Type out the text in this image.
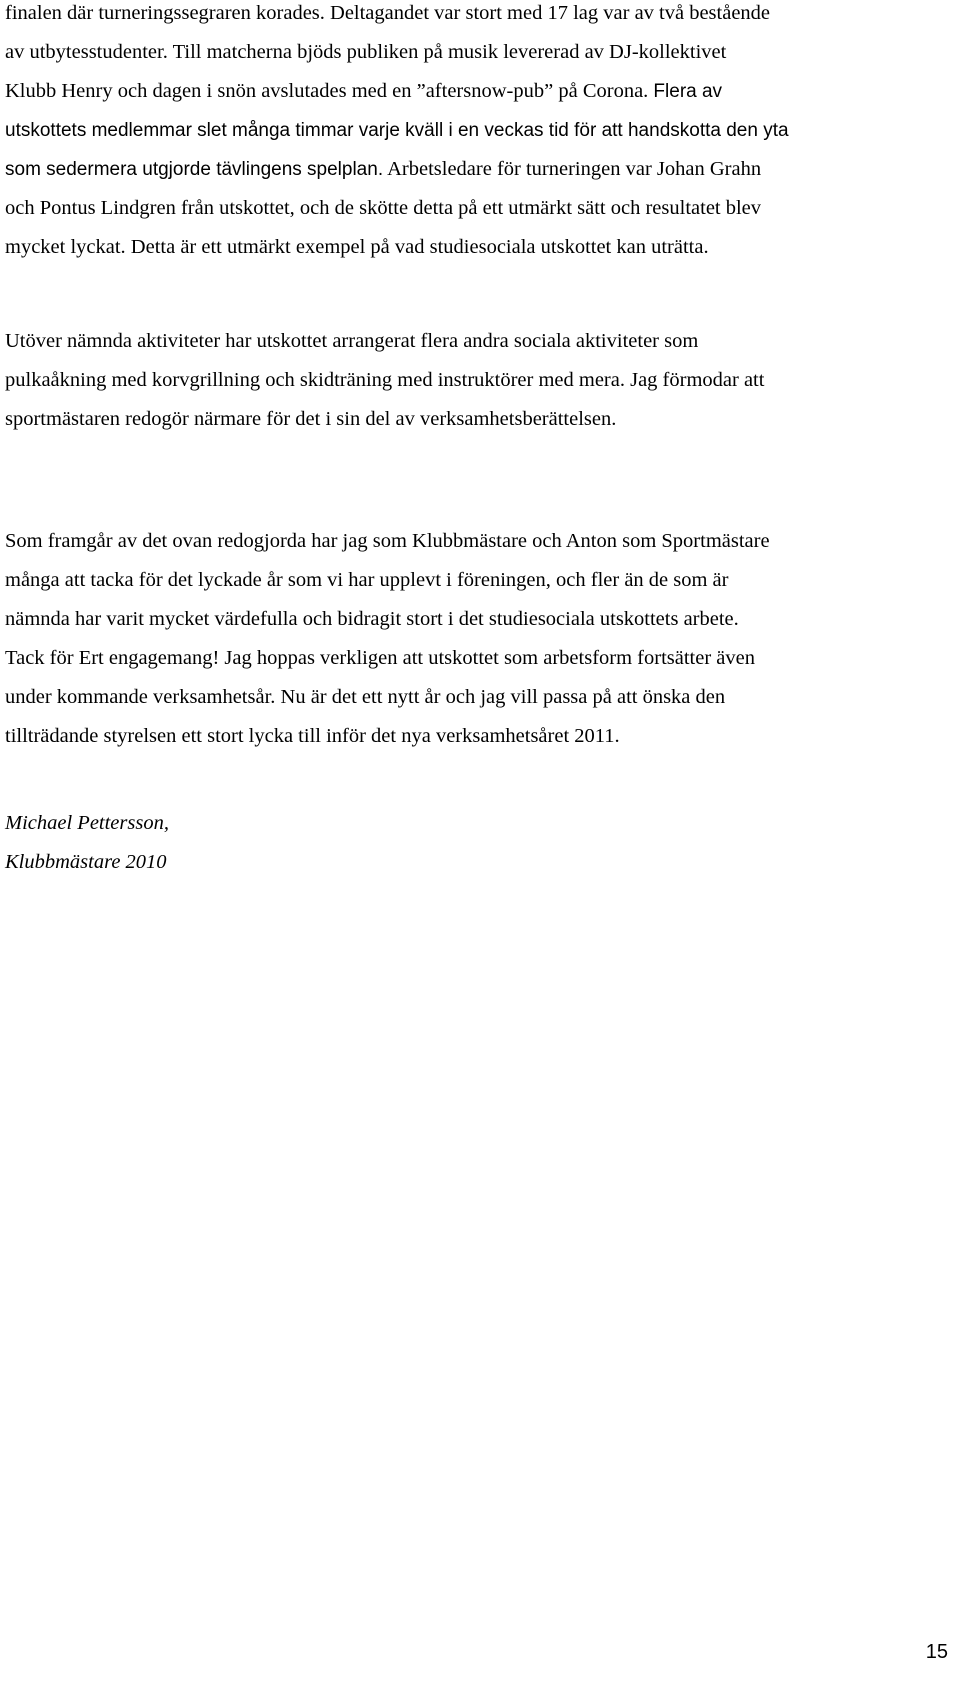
finalen där turneringssegraren korades. Deltagandet var stort med 17 lag var av två bestående
av utbytesstudenter. Till matcherna bjöds publiken på musik levererad av DJ-kollektivet
Klubb Henry och dagen i snön avslutades med en ”aftersnow-pub” på Corona. Flera av
utskottets medlemmar slet många timmar varje kväll i en veckas tid för att handskotta den yta
som sedermera utgjorde tävlingens spelplan. Arbetsledare för turneringen var Johan Grahn
och Pontus Lindgren från utskottet, och de skötte detta på ett utmärkt sätt och resultatet blev
mycket lyckat. Detta är ett utmärkt exempel på vad studiesociala utskottet kan uträtta.

Utöver nämnda aktiviteter har utskottet arrangerat flera andra sociala aktiviteter som
pulkaåkning med korvgrillning och skidträning med instruktörer med mera. Jag förmodar att
sportmästaren redogör närmare för det i sin del av verksamhetsberättelsen.

Som framgår av det ovan redogjorda har jag som Klubbmästare och Anton som Sportmästare
många att tacka för det lyckade år som vi har upplevt i föreningen, och fler än de som är
nämnda har varit mycket värdefulla och bidragit stort i det studiesociala utskottets arbete.
Tack för Ert engagemang! Jag hoppas verkligen att utskottet som arbetsform fortsätter även
under kommande verksamhetsår. Nu är det ett nytt år och jag vill passa på att önska den
tillträdande styrelsen ett stort lycka till inför det nya verksamhetsåret 2011.

Michael Pettersson,
Klubbmästare 2010

15
